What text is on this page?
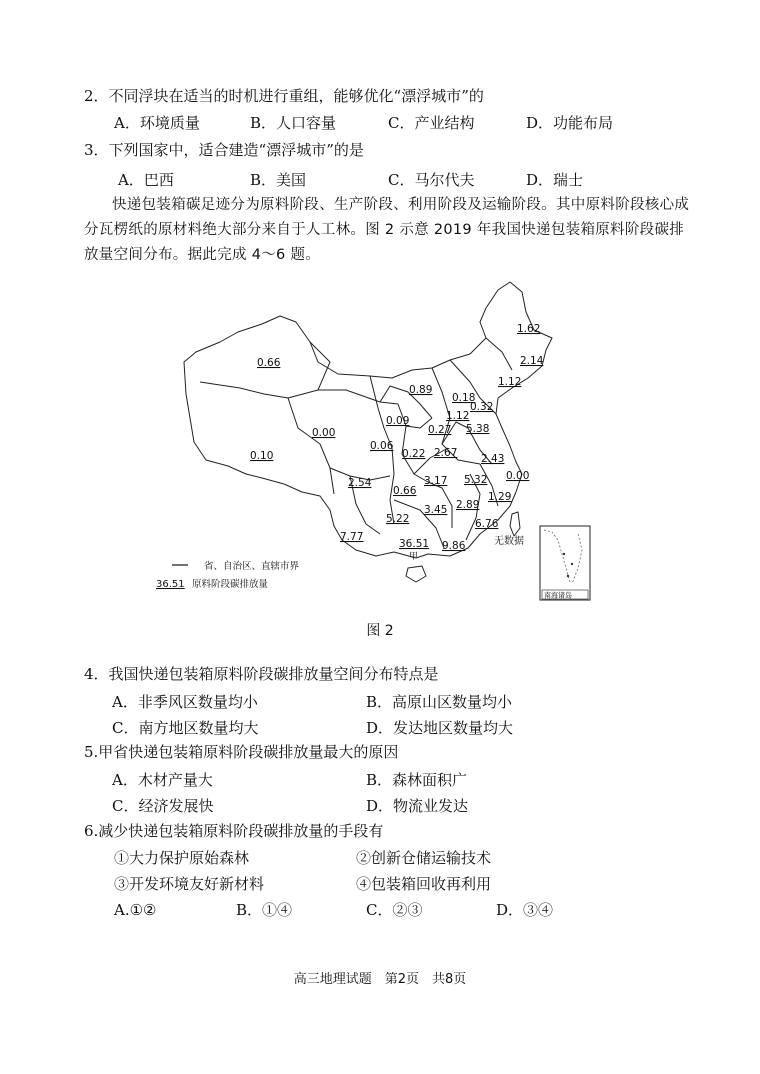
2．不同浮块在适当的时机进行重组，能够优化“漂浮城市”的
A．环境质量	B．人口容量	C．产业结构	D．功能布局
3．下列国家中，适合建造“漂浮城市”的是
A．巴西	B．美国	C．马尔代夫	D．瑞士
快递包装箱碳足迹分为原料阶段、生产阶段、利用阶段及运输阶段。其中原料阶段核心成分瓦楞纸的原材料绝大部分来自于人工林。图 2 示意 2019 年我国快递包装箱原料阶段碳排放量空间分布。据此完成 4～6 题。
1.62
2.14
1.12
0.66
0.89
0.18
0.32
1.12
0.09
0.00	0.27 5.38
0.06
0.10	0.22 2.67 2.43
0.00
2.54
0.66
3.17 5.32
1.29
5.22
3.45 2.89
6.76
7.77
36.51 9.86
甲
无数据
南海诸岛
省、自治区、直辖市界
36.51 原料阶段碳排放量
图 2
4．我国快递包装箱原料阶段碳排放量空间分布特点是
A．非季风区数量均小	B．高原山区数量均小
C．南方地区数量均大	D．发达地区数量均大
5.甲省快递包装箱原料阶段碳排放量最大的原因
A．木材产量大	B．森林面积广
C．经济发展快	D．物流业发达
6.减少快递包装箱原料阶段碳排放量的手段有
①大力保护原始森林	②创新仓储运输技术
③开发环境友好新材料	④包装箱回收再利用
A.①②	B．①④	C．②③	D．③④
高三地理试题　第2页　共8页
